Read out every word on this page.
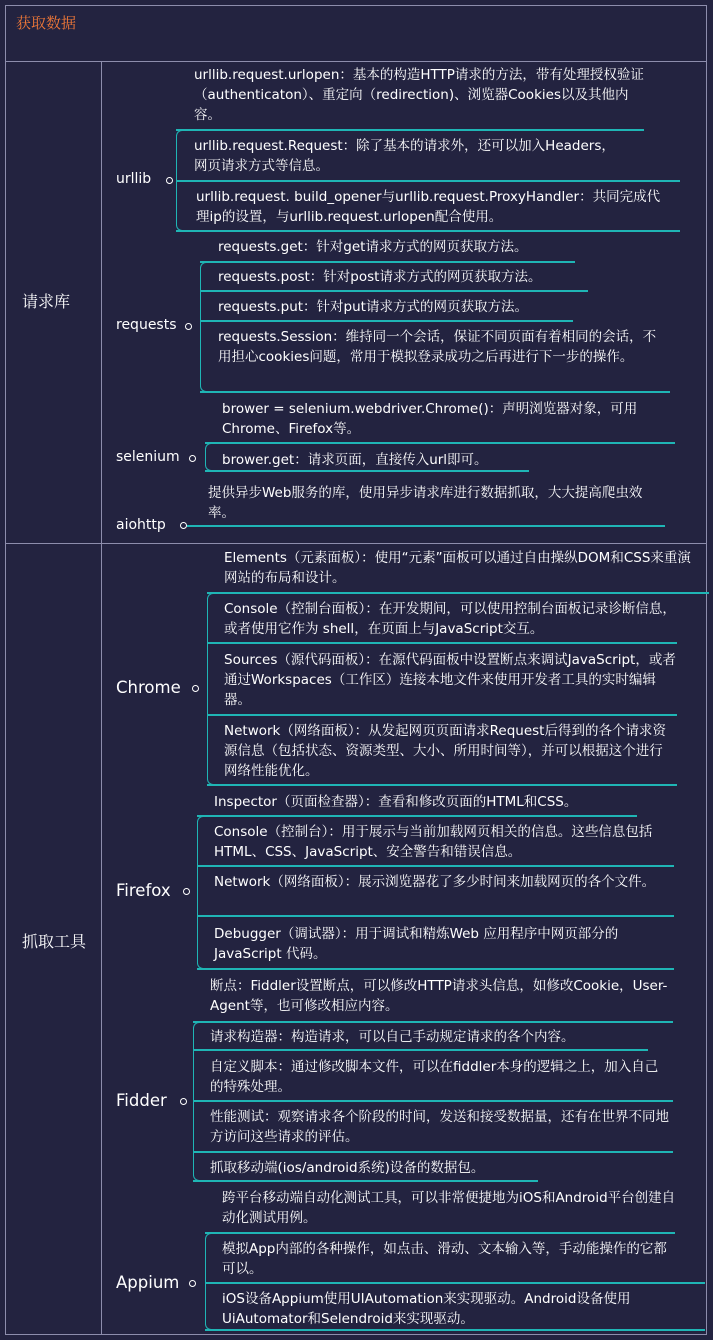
获取数据
请求库
抓取工具
urllib
urllib.request.urlopen：基本的构造HTTP请求的方法，带有处理授权验证（authenticaton）、重定向（redirection)、浏览器Cookies以及其他内容。
urllib.request.Request：除了基本的请求外，还可以加入Headers，网页请求方式等信息。
urllib.request. build_opener与urllib.request.ProxyHandler：共同完成代理ip的设置，与urllib.request.urlopen配合使用。
requests
requests.get：针对get请求方式的网页获取方法。
requests.post：针对post请求方式的网页获取方法。
requests.put：针对put请求方式的网页获取方法。
requests.Session：维持同一个会话，保证不同页面有着相同的会话，不用担心cookies问题，常用于模拟登录成功之后再进行下一步的操作。
selenium
brower = selenium.webdriver.Chrome()：声明浏览器对象，可用Chrome、Firefox等。
brower.get：请求页面，直接传入url即可。
aiohttp
提供异步Web服务的库，使用异步请求库进行数据抓取，大大提高爬虫效率。
Chrome
Elements（元素面板）：使用“元素”面板可以通过自由操纵DOM和CSS来重演网站的布局和设计。
Console（控制台面板）：在开发期间，可以使用控制台面板记录诊断信息，或者使用它作为 shell，在页面上与JavaScript交互。
Sources（源代码面板）：在源代码面板中设置断点来调试JavaScript，或者通过Workspaces（工作区）连接本地文件来使用开发者工具的实时编辑器。
Network（网络面板）：从发起网页页面请求Request后得到的各个请求资源信息（包括状态、资源类型、大小、所用时间等），并可以根据这个进行网络性能优化。
Firefox
Inspector（页面检查器）：查看和修改页面的HTML和CSS。
Console（控制台）：用于展示与当前加载网页相关的信息。这些信息包括HTML、CSS、JavaScript、安全警告和错误信息。
Network（网络面板）：展示浏览器花了多少时间来加载网页的各个文件。
Debugger（调试器）：用于调试和精炼Web 应用程序中网页部分的JavaScript 代码。
Fidder
断点：Fiddler设置断点，可以修改HTTP请求头信息，如修改Cookie，User-Agent等，也可修改相应内容。
请求构造器：构造请求，可以自己手动规定请求的各个内容。
自定义脚本：通过修改脚本文件，可以在fiddler本身的逻辑之上，加入自己的特殊处理。
性能测试：观察请求各个阶段的时间，发送和接受数据量，还有在世界不同地方访问这些请求的评估。
抓取移动端(ios/android系统)设备的数据包。
Appium
跨平台移动端自动化测试工具，可以非常便捷地为iOS和Android平台创建自动化测试用例。
模拟App内部的各种操作，如点击、滑动、文本输入等，手动能操作的它都可以。
iOS设备Appium使用UIAutomation来实现驱动。Android设备使用UiAutomator和Selendroid来实现驱动。
